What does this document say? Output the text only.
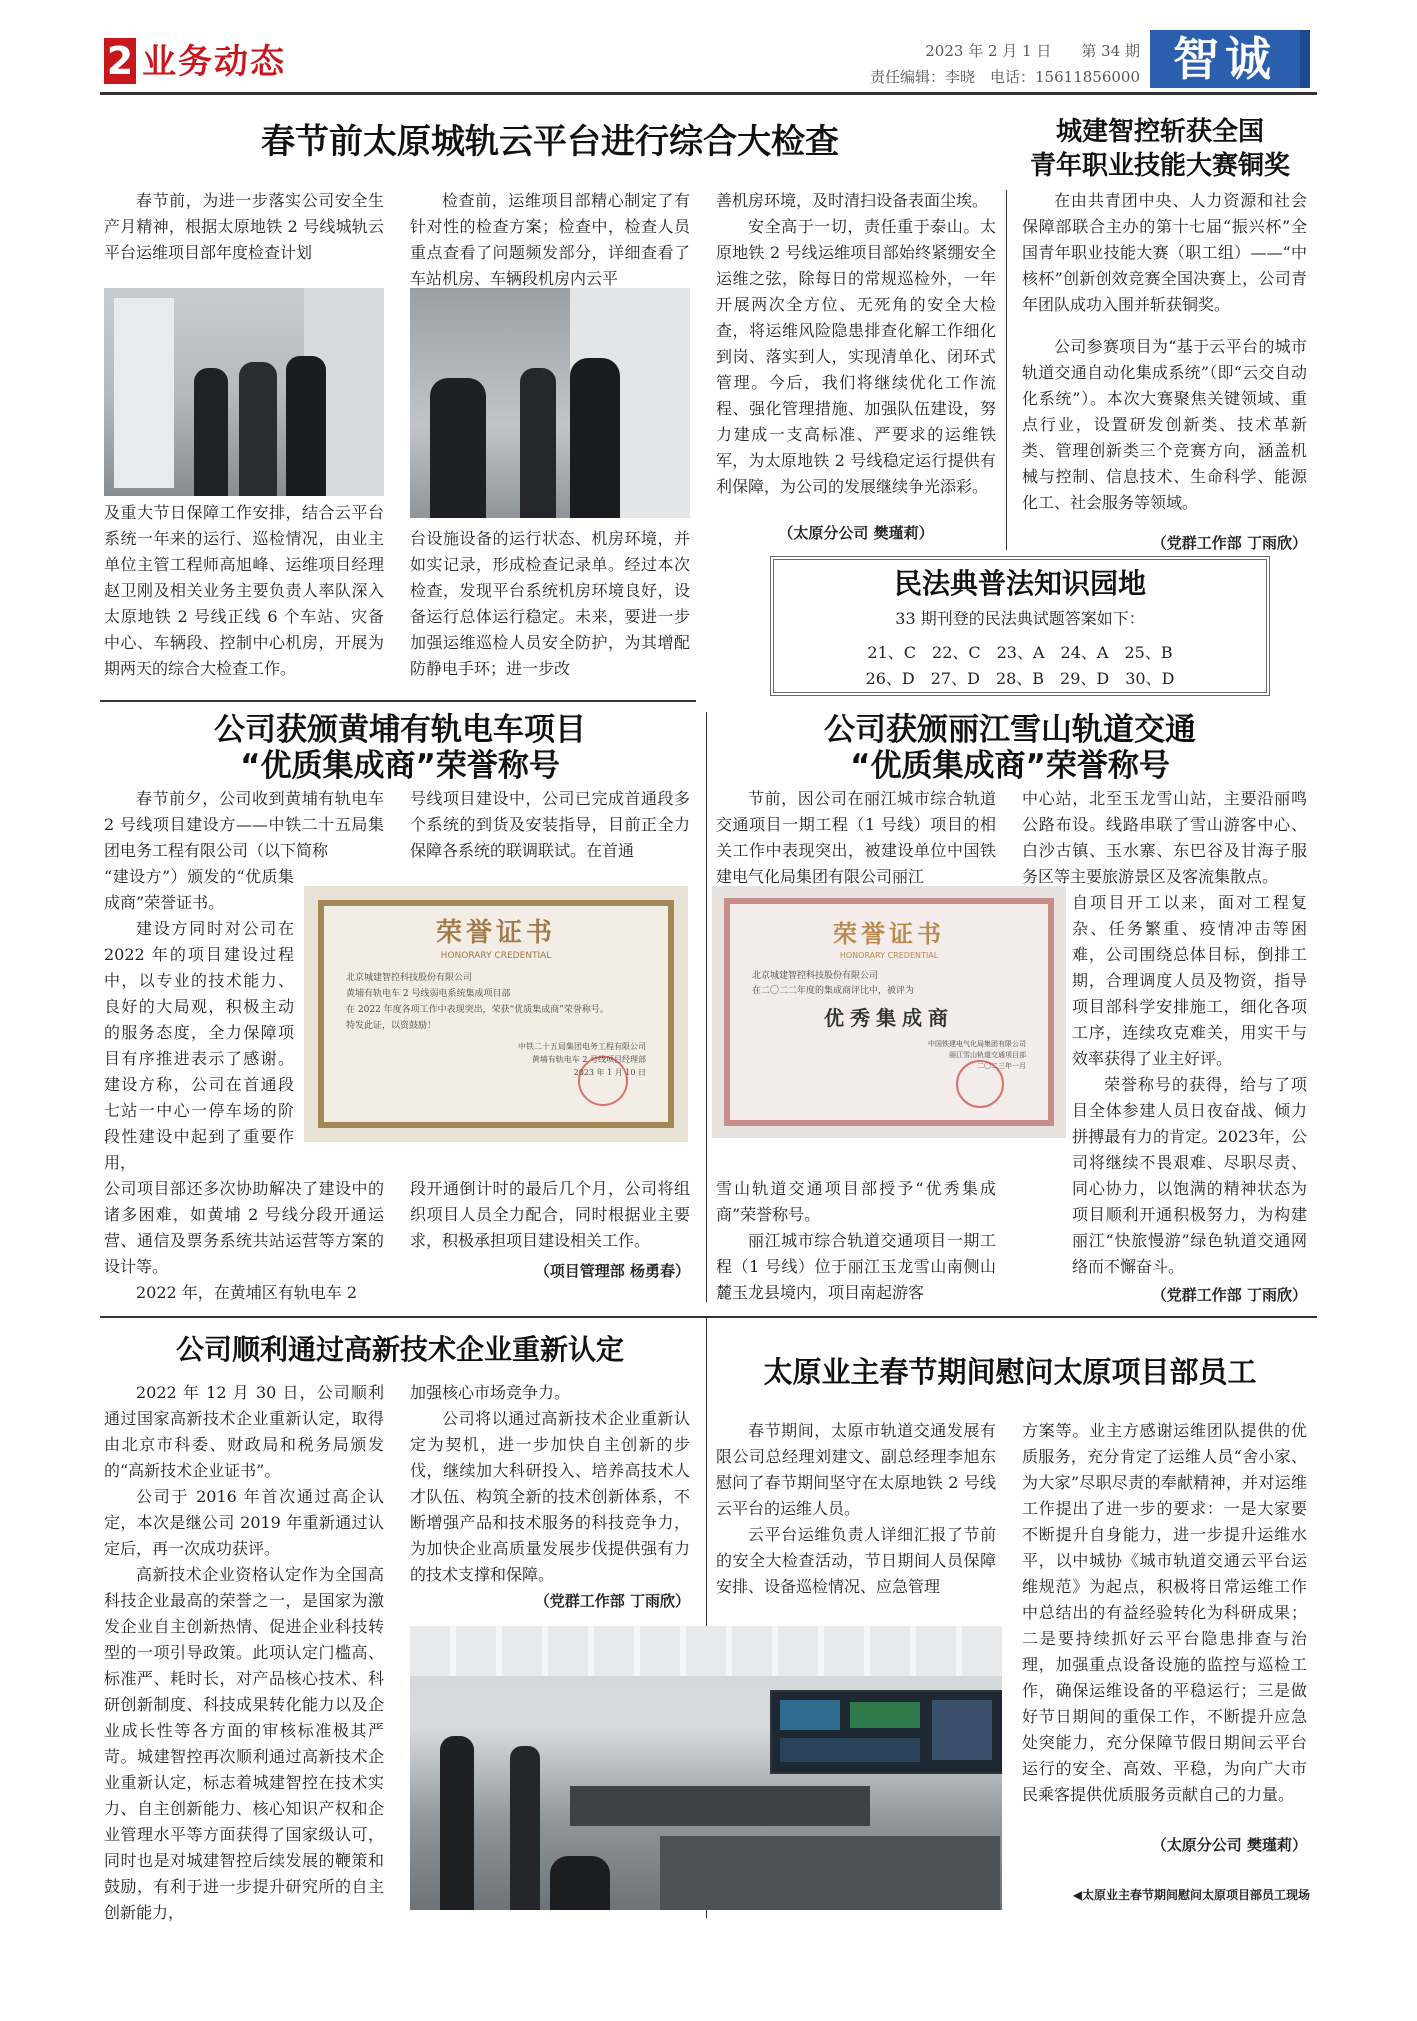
2 业务动态	2023 年 2 月 1 日　　第 34 期
责任编辑：李晓　电话：15611856000 智诚
春节前太原城轨云平台进行综合大检查

春节前，为进一步落实公司安全生产月精神，根据太原地铁 2 号线城轨云平台运维项目部年度检查计划

及重大节日保障工作安排，结合云平台系统一年来的运行、巡检情况，由业主单位主管工程师高旭峰、运维项目经理赵卫刚及相关业务主要负责人率队深入太原地铁 2 号线正线 6 个车站、灾备中心、车辆段、控制中心机房，开展为期两天的综合大检查工作。

检查前，运维项目部精心制定了有针对性的检查方案；检查中，检查人员重点查看了问题频发部分，详细查看了车站机房、车辆段机房内云平

台设施设备的运行状态、机房环境，并如实记录，形成检查记录单。经过本次检查，发现平台系统机房环境良好，设备运行总体运行稳定。未来，要进一步加强运维巡检人员安全防护，为其增配防静电手环；进一步改

善机房环境，及时清扫设备表面尘埃。

安全高于一切，责任重于泰山。太原地铁 2 号线运维项目部始终紧绷安全运维之弦，除每日的常规巡检外，一年开展两次全方位、无死角的安全大检查，将运维风险隐患排查化解工作细化到岗、落实到人，实现清单化、闭环式管理。今后，我们将继续优化工作流程、强化管理措施、加强队伍建设，努力建成一支高标准、严要求的运维铁军，为太原地铁 2 号线稳定运行提供有利保障，为公司的发展继续争光添彩。

（太原分公司 樊瑾莉）

城建智控斩获全国
青年职业技能大赛铜奖

在由共青团中央、人力资源和社会保障部联合主办的第十七届“振兴杯”全国青年职业技能大赛（职工组）——“中核杯”创新创效竞赛全国决赛上，公司青年团队成功入围并斩获铜奖。

公司参赛项目为“基于云平台的城市轨道交通自动化集成系统”（即“云交自动化系统”）。本次大赛聚焦关键领域、重点行业，设置研发创新类、技术革新类、管理创新类三个竞赛方向，涵盖机械与控制、信息技术、生命科学、能源化工、社会服务等领域。

（党群工作部 丁雨欣）

民法典普法知识园地
33 期刊登的民法典试题答案如下：
21、C　22、C　23、A　24、A　25、B
26、D　27、D　28、B　29、D　30、D
公司获颁黄埔有轨电车项目
“优质集成商”荣誉称号

春节前夕，公司收到黄埔有轨电车 2 号线项目建设方——中铁二十五局集团电务工程有限公司（以下简称

“建设方”）颁发的“优质集成商”荣誉证书。

建设方同时对公司在 2022 年的项目建设过程中，以专业的技术能力、良好的大局观，积极主动的服务态度，全力保障项目有序推进表示了感谢。建设方称，公司在首通段七站一中心一停车场的阶段性建设中起到了重要作用，

公司项目部还多次协助解决了建设中的诸多困难，如黄埔 2 号线分段开通运营、通信及票务系统共站运营等方案的设计等。

2022 年，在黄埔区有轨电车 2

号线项目建设中，公司已完成首通段多个系统的到货及安装指导，目前正全力保障各系统的联调联试。在首通

段开通倒计时的最后几个月，公司将组织项目人员全力配合，同时根据业主要求，积极承担项目建设相关工作。

（项目管理部 杨勇春）

荣誉证书
HONORARY CREDENTIAL
北京城建智控科技股份有限公司
黄埔有轨电车 2 号线弱电系统集成项目部
在 2022 年度各项工作中表现突出，荣获“优质集成商”荣誉称号。
特发此证，以资鼓励！
中铁二十五局集团电务工程有限公司
黄埔有轨电车 2 号线项目经理部
2023 年 1 月 10 日
公司获颁丽江雪山轨道交通
“优质集成商”荣誉称号

节前，因公司在丽江城市综合轨道交通项目一期工程（1 号线）项目的相关工作中表现突出，被建设单位中国铁建电气化局集团有限公司丽江

雪山轨道交通项目部授予“优秀集成商”荣誉称号。

丽江城市综合轨道交通项目一期工程（1 号线）位于丽江玉龙雪山南侧山麓玉龙县境内，项目南起游客

中心站，北至玉龙雪山站，主要沿丽鸣公路布设。线路串联了雪山游客中心、白沙古镇、玉水寨、东巴谷及甘海子服务区等主要旅游景区及客流集散点。

自项目开工以来，面对工程复杂、任务繁重、疫情冲击等困难，公司围绕总体目标，倒排工期，合理调度人员及物资，指导项目部科学安排施工，细化各项工序，连续攻克难关，用实干与效率获得了业主好评。

荣誉称号的获得，给与了项目全体参建人员日夜奋战、倾力拼搏最有力的肯定。2023年，公司将继续不畏艰难、尽职尽责、同心协力，以饱满的精神状态为项目顺利开通积极努力，为构建丽江“快旅慢游”绿色轨道交通网络而不懈奋斗。

（党群工作部 丁雨欣）

荣誉证书
HONORARY CREDENTIAL
北京城建智控科技股份有限公司
在二〇二二年度的集成商评比中，被评为
优秀集成商
中国铁建电气化局集团有限公司
丽江雪山轨道交通项目部
二〇二三年一月
公司顺利通过高新技术企业重新认定

2022 年 12 月 30 日，公司顺利通过国家高新技术企业重新认定，取得由北京市科委、财政局和税务局颁发的“高新技术企业证书”。

公司于 2016 年首次通过高企认定，本次是继公司 2019 年重新通过认定后，再一次成功获评。

高新技术企业资格认定作为全国高科技企业最高的荣誉之一，是国家为激发企业自主创新热情、促进企业科技转型的一项引导政策。此项认定门槛高、标准严、耗时长，对产品核心技术、科研创新制度、科技成果转化能力以及企业成长性等各方面的审核标准极其严苛。城建智控再次顺利通过高新技术企业重新认定，标志着城建智控在技术实力、自主创新能力、核心知识产权和企业管理水平等方面获得了国家级认可，同时也是对城建智控后续发展的鞭策和鼓励，有利于进一步提升研究所的自主创新能力，

加强核心市场竞争力。

公司将以通过高新技术企业重新认定为契机，进一步加快自主创新的步伐，继续加大科研投入、培养高技术人才队伍、构筑全新的技术创新体系，不断增强产品和技术服务的科技竞争力，为加快企业高质量发展步伐提供强有力的技术支撑和保障。

（党群工作部 丁雨欣）

太原业主春节期间慰问太原项目部员工

春节期间，太原市轨道交通发展有限公司总经理刘建文、副总经理李旭东慰问了春节期间坚守在太原地铁 2 号线云平台的运维人员。

云平台运维负责人详细汇报了节前的安全大检查活动，节日期间人员保障安排、设备巡检情况、应急管理

方案等。业主方感谢运维团队提供的优质服务，充分肯定了运维人员“舍小家、为大家”尽职尽责的奉献精神，并对运维工作提出了进一步的要求：一是大家要不断提升自身能力，进一步提升运维水平，以中城协《城市轨道交通云平台运维规范》为起点，积极将日常运维工作中总结出的有益经验转化为科研成果；二是要持续抓好云平台隐患排查与治理，加强重点设备设施的监控与巡检工作，确保运维设备的平稳运行；三是做好节日期间的重保工作，不断提升应急处突能力，充分保障节假日期间云平台运行的安全、高效、平稳，为向广大市民乘客提供优质服务贡献自己的力量。

（太原分公司 樊瑾莉）

◀太原业主春节期间慰问太原项目部员工现场
